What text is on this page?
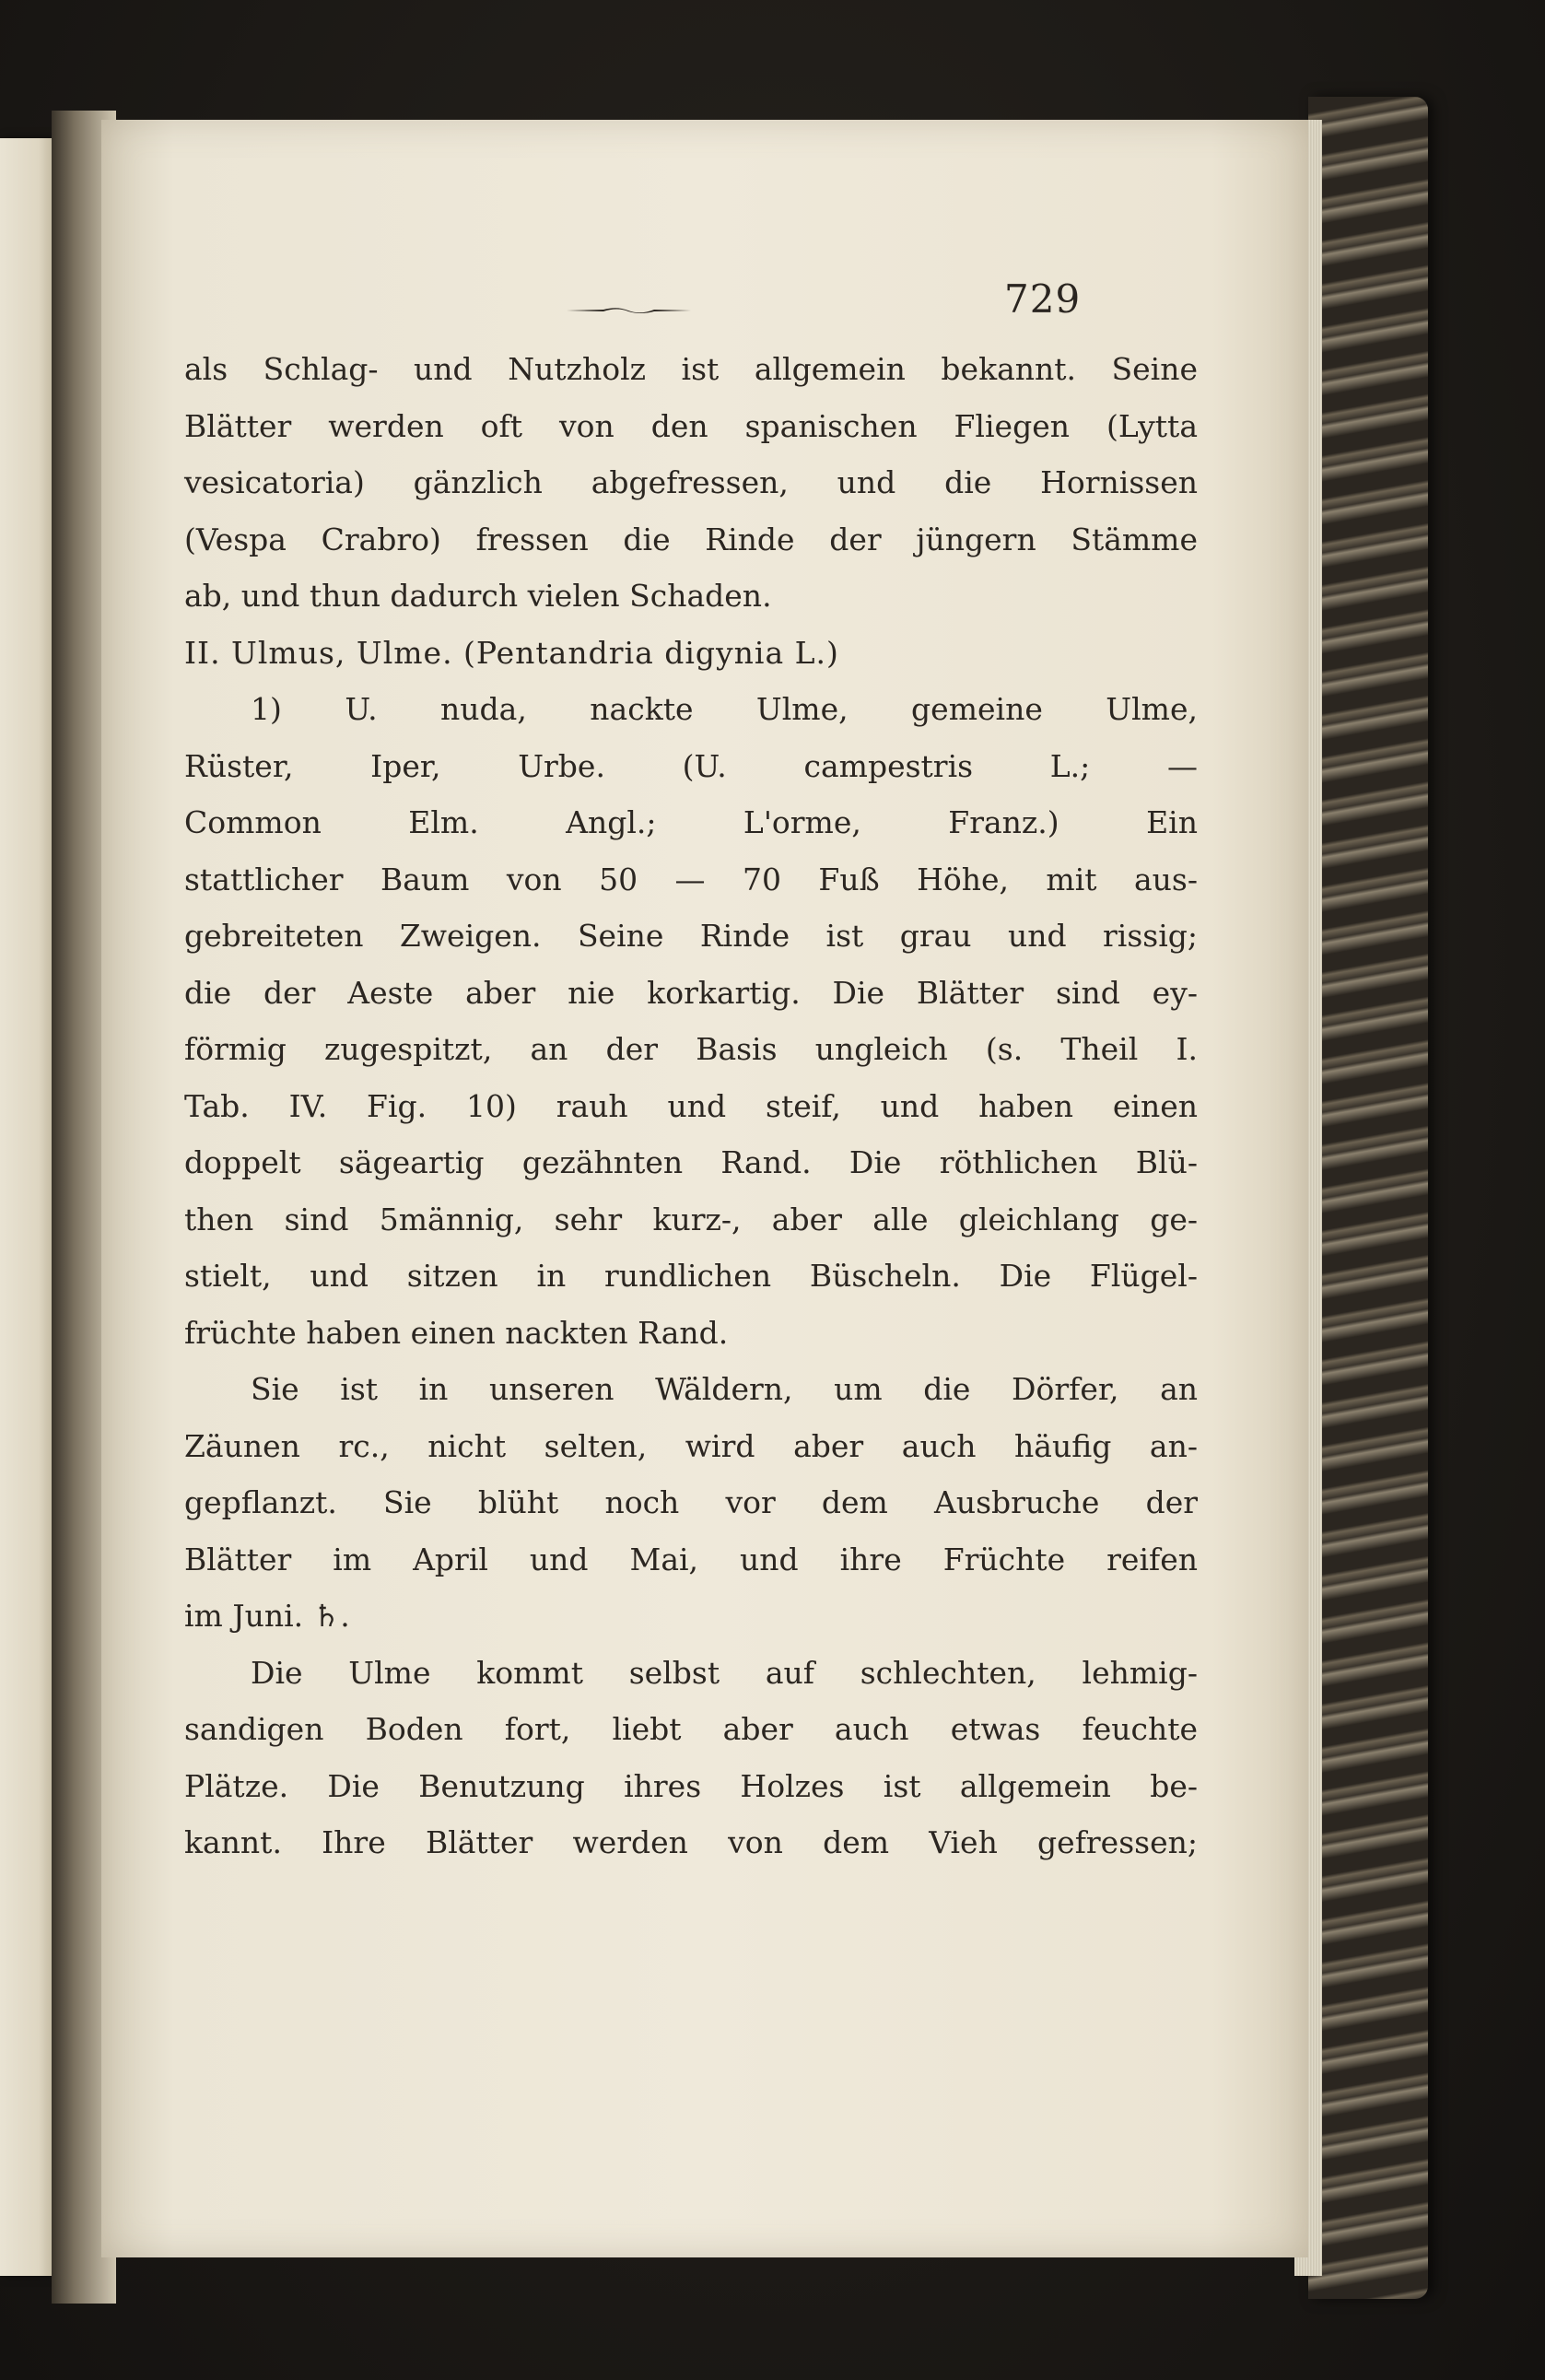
729
als Schlag- und Nutzholz ist allgemein bekannt. Seine
Blätter werden oft von den spanischen Fliegen (Lytta
vesicatoria) gänzlich abgefressen, und die Hornissen
(Vespa Crabro) fressen die Rinde der jüngern Stämme
ab, und thun dadurch vielen Schaden.
II. Ulmus, Ulme. (Pentandria digynia L.)
1) U. nuda, nackte Ulme, gemeine Ulme,
Rüster, Iper, Urbe. (U. campestris L.; —
Common Elm. Angl.; L'orme, Franz.) Ein
stattlicher Baum von 50 — 70 Fuß Höhe, mit aus-
gebreiteten Zweigen. Seine Rinde ist grau und rissig;
die der Aeste aber nie korkartig. Die Blätter sind ey-
förmig zugespitzt, an der Basis ungleich (s. Theil I.
Tab. IV. Fig. 10) rauh und steif, und haben einen
doppelt sägeartig gezähnten Rand. Die röthlichen Blü-
then sind 5männig, sehr kurz-, aber alle gleichlang ge-
stielt, und sitzen in rundlichen Büscheln. Die Flügel-
früchte haben einen nackten Rand.
Sie ist in unseren Wäldern, um die Dörfer, an
Zäunen rc., nicht selten, wird aber auch häufig an-
gepflanzt. Sie blüht noch vor dem Ausbruche der
Blätter im April und Mai, und ihre Früchte reifen
im Juni. ♄.
Die Ulme kommt selbst auf schlechten, lehmig-
sandigen Boden fort, liebt aber auch etwas feuchte
Plätze. Die Benutzung ihres Holzes ist allgemein be-
kannt. Ihre Blätter werden von dem Vieh gefressen;
